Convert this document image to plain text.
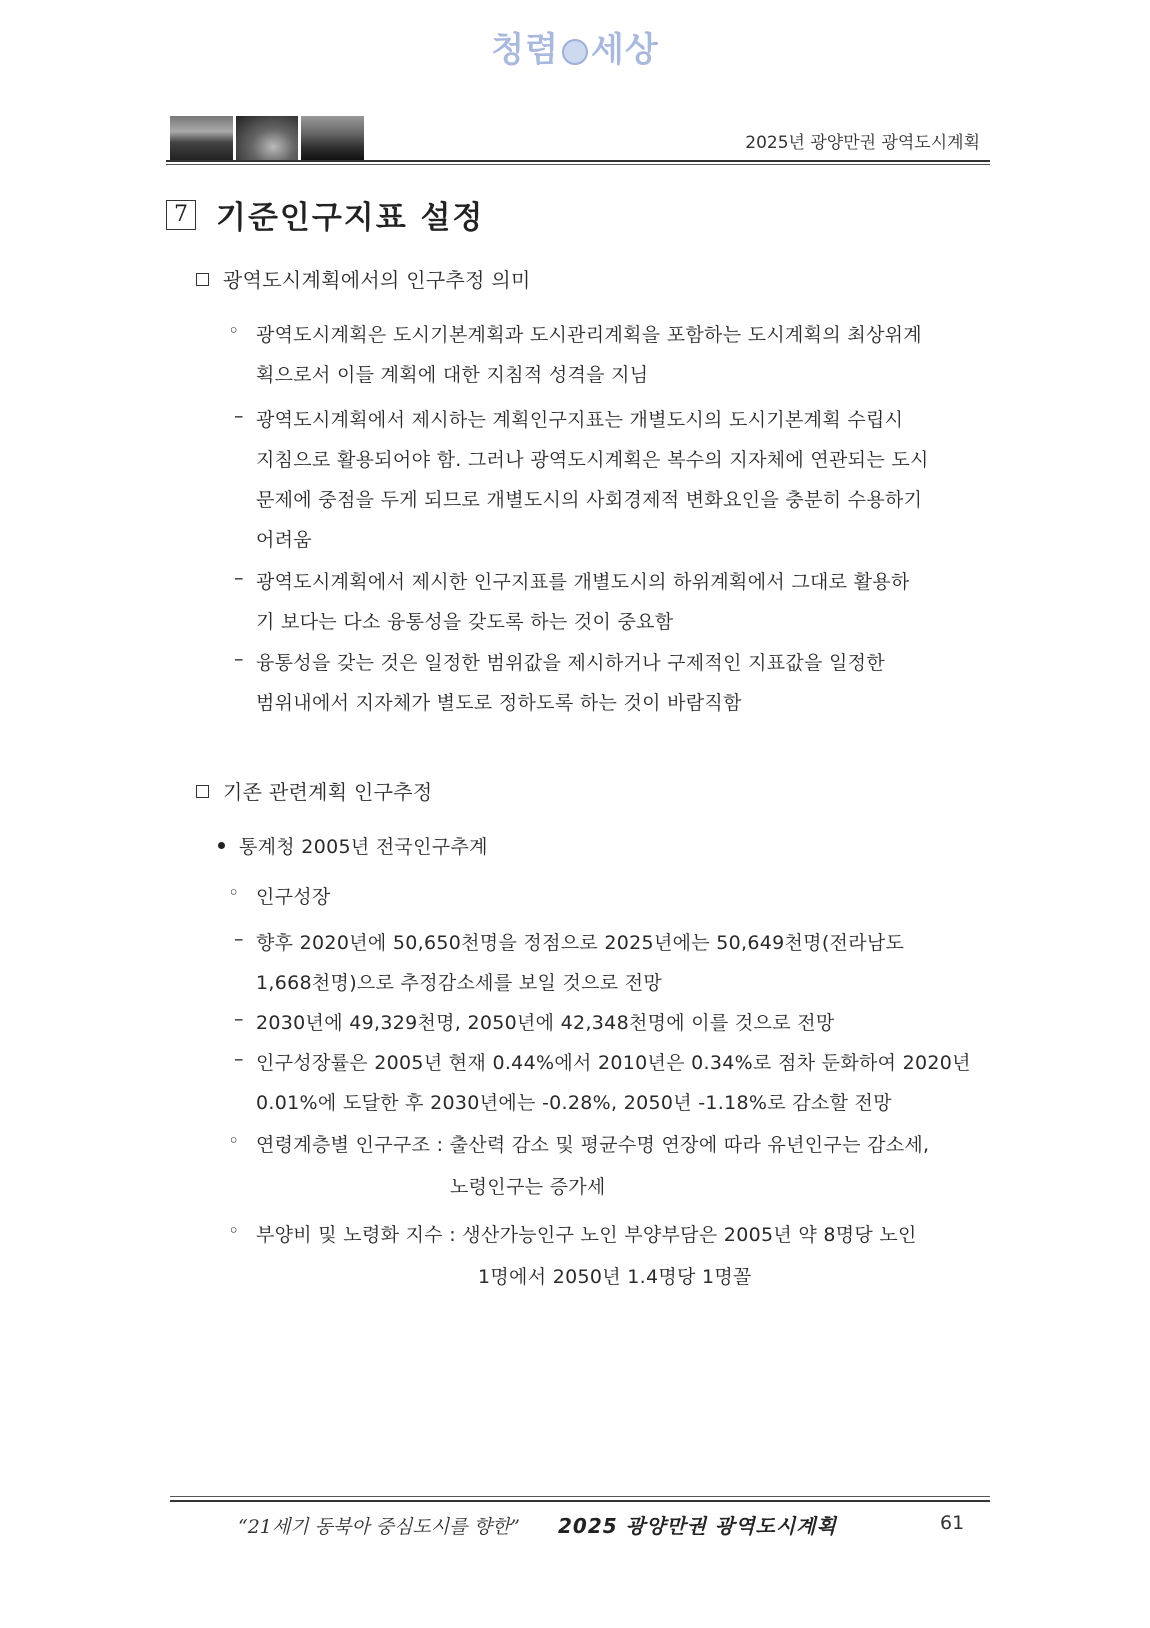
청렴 세상
2025년 광양만권 광역도시계획
7 기준인구지표 설정
광역도시계획에서의 인구추정 의미
◦ 광역도시계획은 도시기본계획과 도시관리계획을 포함하는 도시계획의 최상위계
획으로서 이들 계획에 대한 지침적 성격을 지님
– 광역도시계획에서 제시하는 계획인구지표는 개별도시의 도시기본계획 수립시
지침으로 활용되어야 함. 그러나 광역도시계획은 복수의 지자체에 연관되는 도시
문제에 중점을 두게 되므로 개별도시의 사회경제적 변화요인을 충분히 수용하기
어려움
– 광역도시계획에서 제시한 인구지표를 개별도시의 하위계획에서 그대로 활용하
기 보다는 다소 융통성을 갖도록 하는 것이 중요함
– 융통성을 갖는 것은 일정한 범위값을 제시하거나 구제적인 지표값을 일정한
범위내에서 지자체가 별도로 정하도록 하는 것이 바람직함
기존 관련계획 인구추정
통계청 2005년 전국인구추계
◦ 인구성장
– 향후 2020년에 50,650천명을 정점으로 2025년에는 50,649천명(전라남도
1,668천명)으로 추정감소세를 보일 것으로 전망
– 2030년에 49,329천명, 2050년에 42,348천명에 이를 것으로 전망
– 인구성장률은 2005년 현재 0.44%에서 2010년은 0.34%로 점차 둔화하여 2020년
0.01%에 도달한 후 2030년에는 -0.28%, 2050년 -1.18%로 감소할 전망
◦ 연령계층별 인구구조 : 출산력 감소 및 평균수명 연장에 따라 유년인구는 감소세,
노령인구는 증가세
◦ 부양비 및 노령화 지수 : 생산가능인구 노인 부양부담은 2005년 약 8명당 노인
1명에서 2050년 1.4명당 1명꼴
“21세기 동북아 중심도시를 향한” 2025 광양만권 광역도시계획	61
